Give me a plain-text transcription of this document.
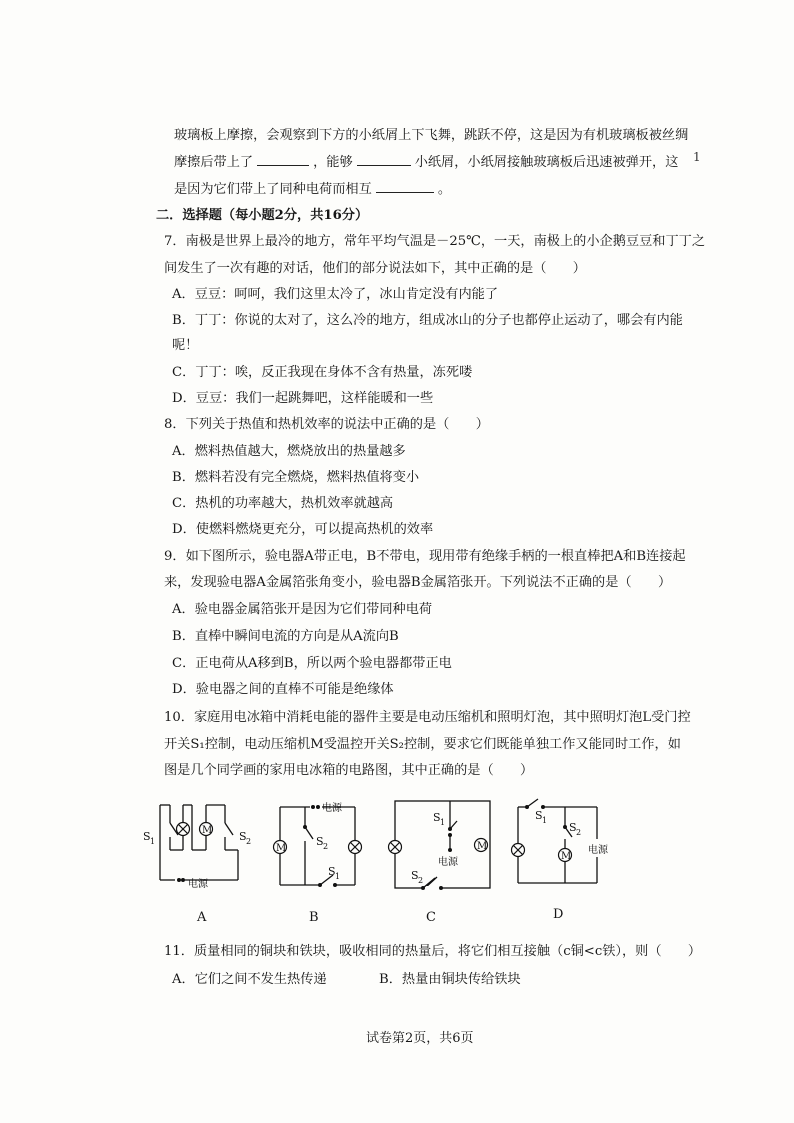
1
玻璃板上摩擦，会观察到下方的小纸屑上下飞舞，跳跃不停，这是因为有机玻璃板被丝绸
摩擦后带上了	，能够	小纸屑，小纸屑接触玻璃板后迅速被弹开，这
是因为它们带上了同种电荷而相互	。
二．选择题（每小题2分，共16分）
7．南极是世界上最冷的地方，常年平均气温是－25℃，一天，南极上的小企鹅豆豆和丁丁之
间发生了一次有趣的对话，他们的部分说法如下，其中正确的是（　　）
A．豆豆：呵呵，我们这里太冷了，冰山肯定没有内能了
B．丁丁：你说的太对了，这么冷的地方，组成冰山的分子也都停止运动了，哪会有内能
呢！
C．丁丁：唉，反正我现在身体不含有热量，冻死喽
D．豆豆：我们一起跳舞吧，这样能暖和一些
8．下列关于热值和热机效率的说法中正确的是（　　）
A．燃料热值越大，燃烧放出的热量越多
B．燃料若没有完全燃烧，燃料热值将变小
C．热机的功率越大，热机效率就越高
D．使燃料燃烧更充分，可以提高热机的效率
9．如下图所示，验电器A带正电，B不带电，现用带有绝缘手柄的一根直棒把A和B连接起
来，发现验电器A金属箔张角变小，验电器B金属箔张开。下列说法不正确的是（　　）
A．验电器金属箔张开是因为它们带同种电荷
B．直棒中瞬间电流的方向是从A流向B
C．正电荷从A移到B，所以两个验电器都带正电
D．验电器之间的直棒不可能是绝缘体
10．家庭用电冰箱中消耗电能的器件主要是电动压缩机和照明灯泡，其中照明灯泡L受门控
开关S₁控制，电动压缩机M受温控开关S₂控制，要求它们既能单独工作又能同时工作，如
图是几个同学画的家用电冰箱的电路图，其中正确的是（　　）
M
S 1	S 2
电源
A
M
电源
S 2
S 1
B
M
S 1
电源
S 2
C
M
S 1
S 2
电源
D
11．质量相同的铜块和铁块，吸收相同的热量后，将它们相互接触（c铜<c铁），则（　　）
A．它们之间不发生热传递	B．热量由铜块传给铁块
试卷第2页，共6页
